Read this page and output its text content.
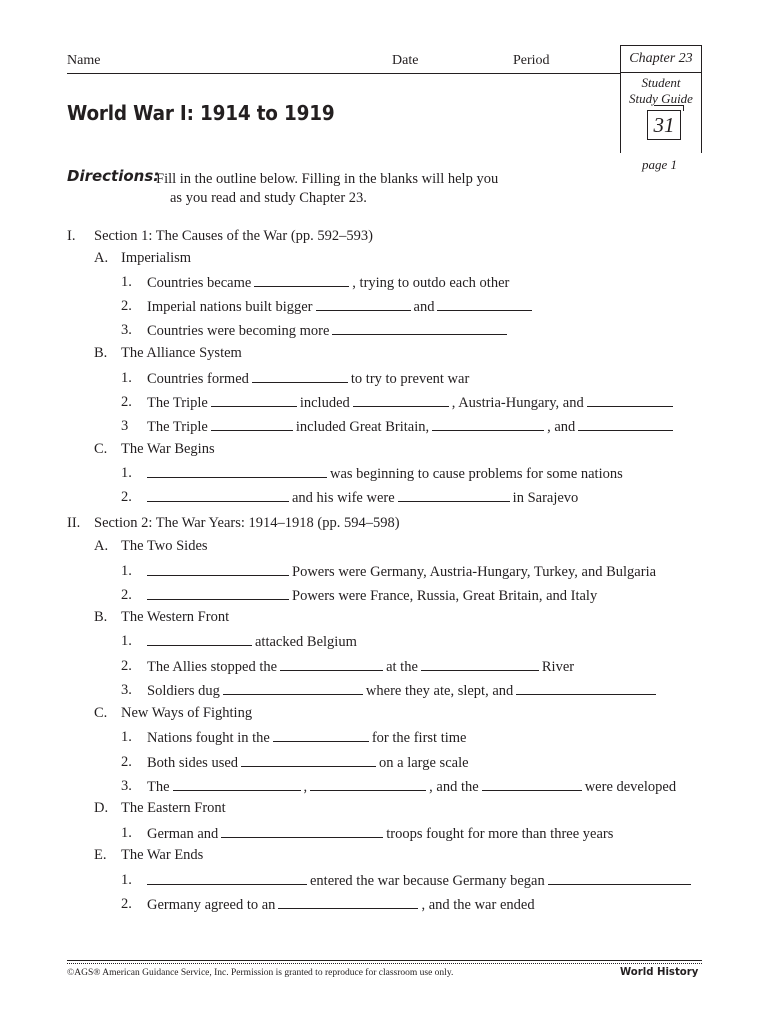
Name	Date	Period	Chapter 23
Student
Study Guide
31
page 1
World War I: 1914 to 1919
Directions:
Fill in the outline below. Filling in the blanks will help you
as you read and study Chapter 23.
I. Section 1: The Causes of the War (pp. 592–593)
A. Imperialism
1. Countries became	, trying to outdo each other
2. Imperial nations built bigger	and
3. Countries were becoming more
B. The Alliance System
1. Countries formed	to try to prevent war
2. The Triple	included	, Austria-Hungary, and
3 The Triple	included Great Britain,	, and
C. The War Begins
1.	was beginning to cause problems for some nations
2.	and his wife were	in Sarajevo
II. Section 2: The War Years: 1914–1918 (pp. 594–598)
A. The Two Sides
1.	Powers were Germany, Austria-Hungary, Turkey, and Bulgaria
2.	Powers were France, Russia, Great Britain, and Italy
B. The Western Front
1.	attacked Belgium
2. The Allies stopped the	at the	River
3. Soldiers dug	where they ate, slept, and
C. New Ways of Fighting
1. Nations fought in the	for the first time
2. Both sides used	on a large scale
3. The	,	, and the	were developed
D. The Eastern Front
1. German and	troops fought for more than three years
E. The War Ends
1.	entered the war because Germany began
2. Germany agreed to an	, and the war ended
©AGS® American Guidance Service, Inc. Permission is granted to reproduce for classroom use only.	World History
